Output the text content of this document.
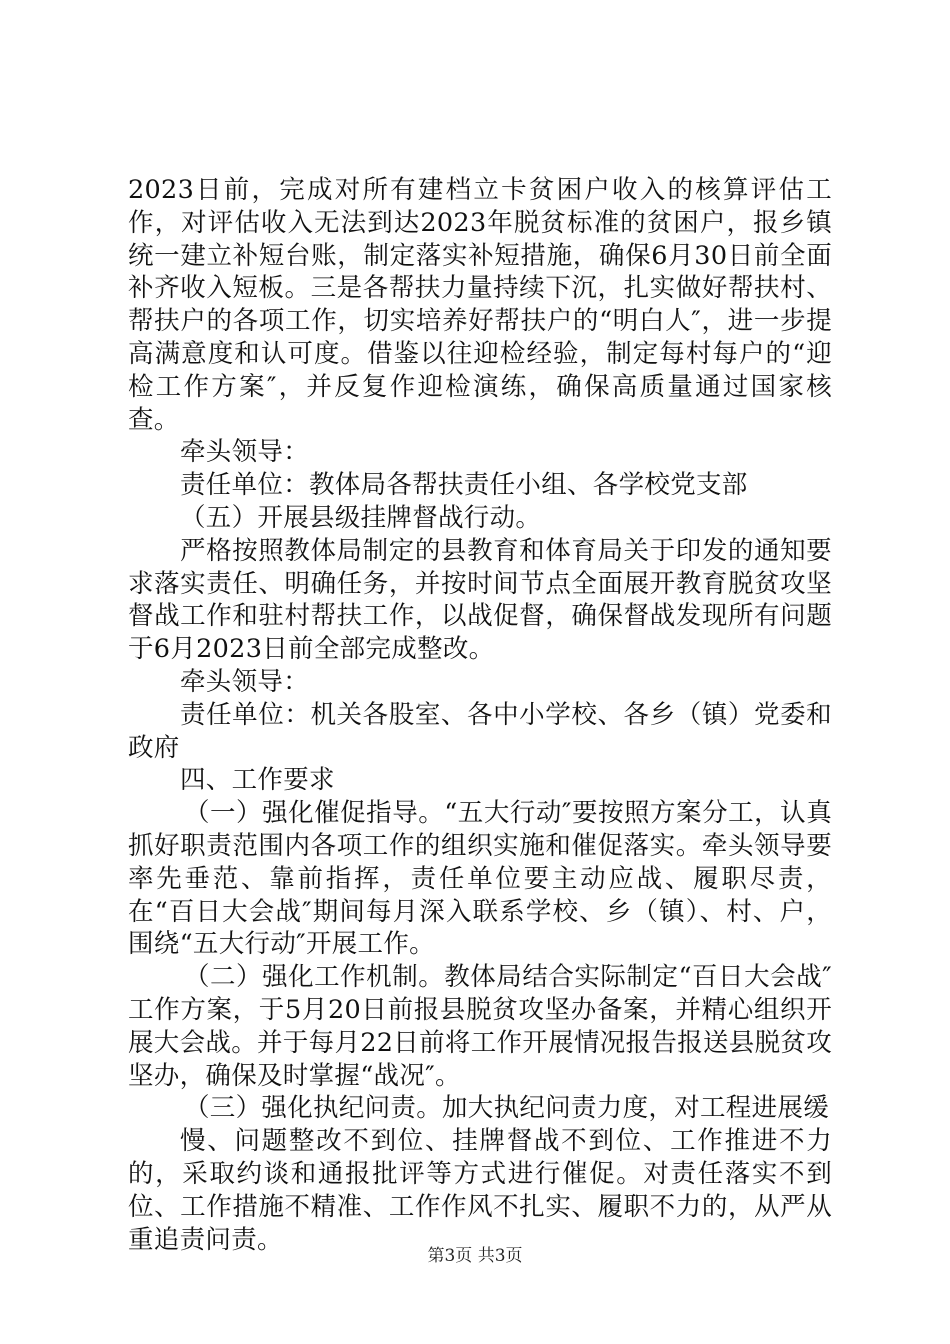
2023日前，完成对所有建档立卡贫困户收入的核算评估工作，对评估收入无法到达2023年脱贫标准的贫困户，报乡镇统一建立补短台账，制定落实补短措施，确保6月30日前全面补齐收入短板。三是各帮扶力量持续下沉，扎实做好帮扶村、帮扶户的各项工作，切实培养好帮扶户的“明白人″，进一步提高满意度和认可度。借鉴以往迎检经验，制定每村每户的“迎检工作方案″，并反复作迎检演练，确保高质量通过国家核查。

牵头领导：

责任单位：教体局各帮扶责任小组、各学校党支部

（五）开展县级挂牌督战行动。

严格按照教体局制定的县教育和体育局关于印发的通知要求落实责任、明确任务，并按时间节点全面展开教育脱贫攻坚督战工作和驻村帮扶工作，以战促督，确保督战发现所有问题于6月2023日前全部完成整改。

牵头领导：

责任单位：机关各股室、各中小学校、各乡（镇）党委和政府

四、工作要求

（一）强化催促指导。“五大行动″要按照方案分工，认真抓好职责范围内各项工作的组织实施和催促落实。牵头领导要率先垂范、靠前指挥，责任单位要主动应战、履职尽责，在“百日大会战″期间每月深入联系学校、乡（镇）、村、户，围绕“五大行动″开展工作。

（二）强化工作机制。教体局结合实际制定“百日大会战″工作方案，于5月20日前报县脱贫攻坚办备案，并精心组织开展大会战。并于每月22日前将工作开展情况报告报送县脱贫攻坚办，确保及时掌握“战况″。

（三）强化执纪问责。加大执纪问责力度，对工程进展缓

慢、问题整改不到位、挂牌督战不到位、工作推进不力的，采取约谈和通报批评等方式进行催促。对责任落实不到位、工作措施不精准、工作作风不扎实、履职不力的，从严从重追责问责。

第3页 共3页
